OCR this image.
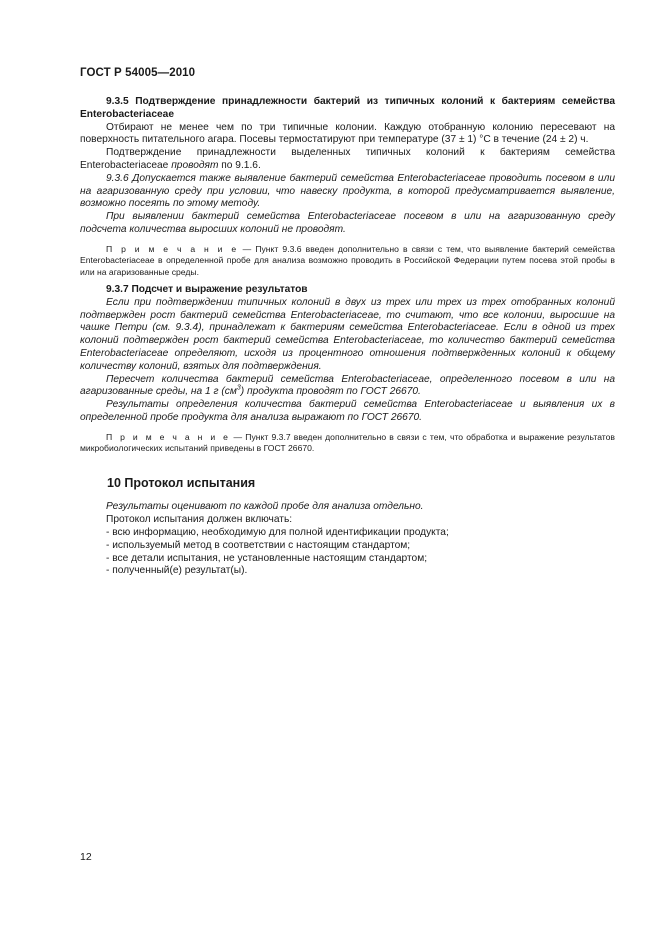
ГОСТ Р 54005—2010

9.3.5 Подтверждение принадлежности бактерий из типичных колоний к бактериям семейства Enterobacteriaceae

Отбирают не менее чем по три типичные колонии. Каждую отобранную колонию пересевают на поверхность питательного агара. Посевы термостатируют при температуре (37 ± 1) °С в течение (24 ± 2) ч.

Подтверждение принадлежности выделенных типичных колоний к бактериям семейства Enterobacteriaceae проводят по 9.1.6.

9.3.6 Допускается также выявление бактерий семейства Enterobacteriaceae проводить посевом в или на агаризованную среду при условии, что навеску продукта, в которой предусматривается выявление, возможно посеять по этому методу.

При выявлении бактерий семейства Enterobacteriaceae посевом в или на агаризованную среду подсчета количества выросших колоний не проводят.

П р и м е ч а н и е — Пункт 9.3.6 введен дополнительно в связи с тем, что выявление бактерий семейства Enterobacteriaceae в определенной пробе для анализа возможно проводить в Российской Федерации путем посева этой пробы в или на агаризованные среды.

9.3.7 Подсчет и выражение результатов

Если при подтверждении типичных колоний в двух из трех или трех из трех отобранных колоний подтвержден рост бактерий семейства Enterobacteriaceae, то считают, что все колонии, выросшие на чашке Петри (см. 9.3.4), принадлежат к бактериям семейства Enterobacteriaceae. Если в одной из трех колоний подтвержден рост бактерий семейства Enterobacteriaceae, то количество бактерий семейства Enterobacteriaceae определяют, исходя из процентного отношения подтвержденных колоний к общему количеству колоний, взятых для подтверждения.

Пересчет количества бактерий семейства Enterobacteriaceae, определенного посевом в или на агаризованные среды, на 1 г $(см^3)$ продукта проводят по ГОСТ 26670.

Результаты определения количества бактерий семейства Enterobacteriaceae и выявления их в определенной пробе продукта для анализа выражают по ГОСТ 26670.

П р и м е ч а н и е — Пункт 9.3.7 введен дополнительно в связи с тем, что обработка и выражение результатов микробиологических испытаний приведены в ГОСТ 26670.

10 Протокол испытания

Результаты оценивают по каждой пробе для анализа отдельно.

Протокол испытания должен включать:

- всю информацию, необходимую для полной идентификации продукта;

- используемый метод в соответствии с настоящим стандартом;

- все детали испытания, не установленные настоящим стандартом;

- полученный(е) результат(ы).

12
